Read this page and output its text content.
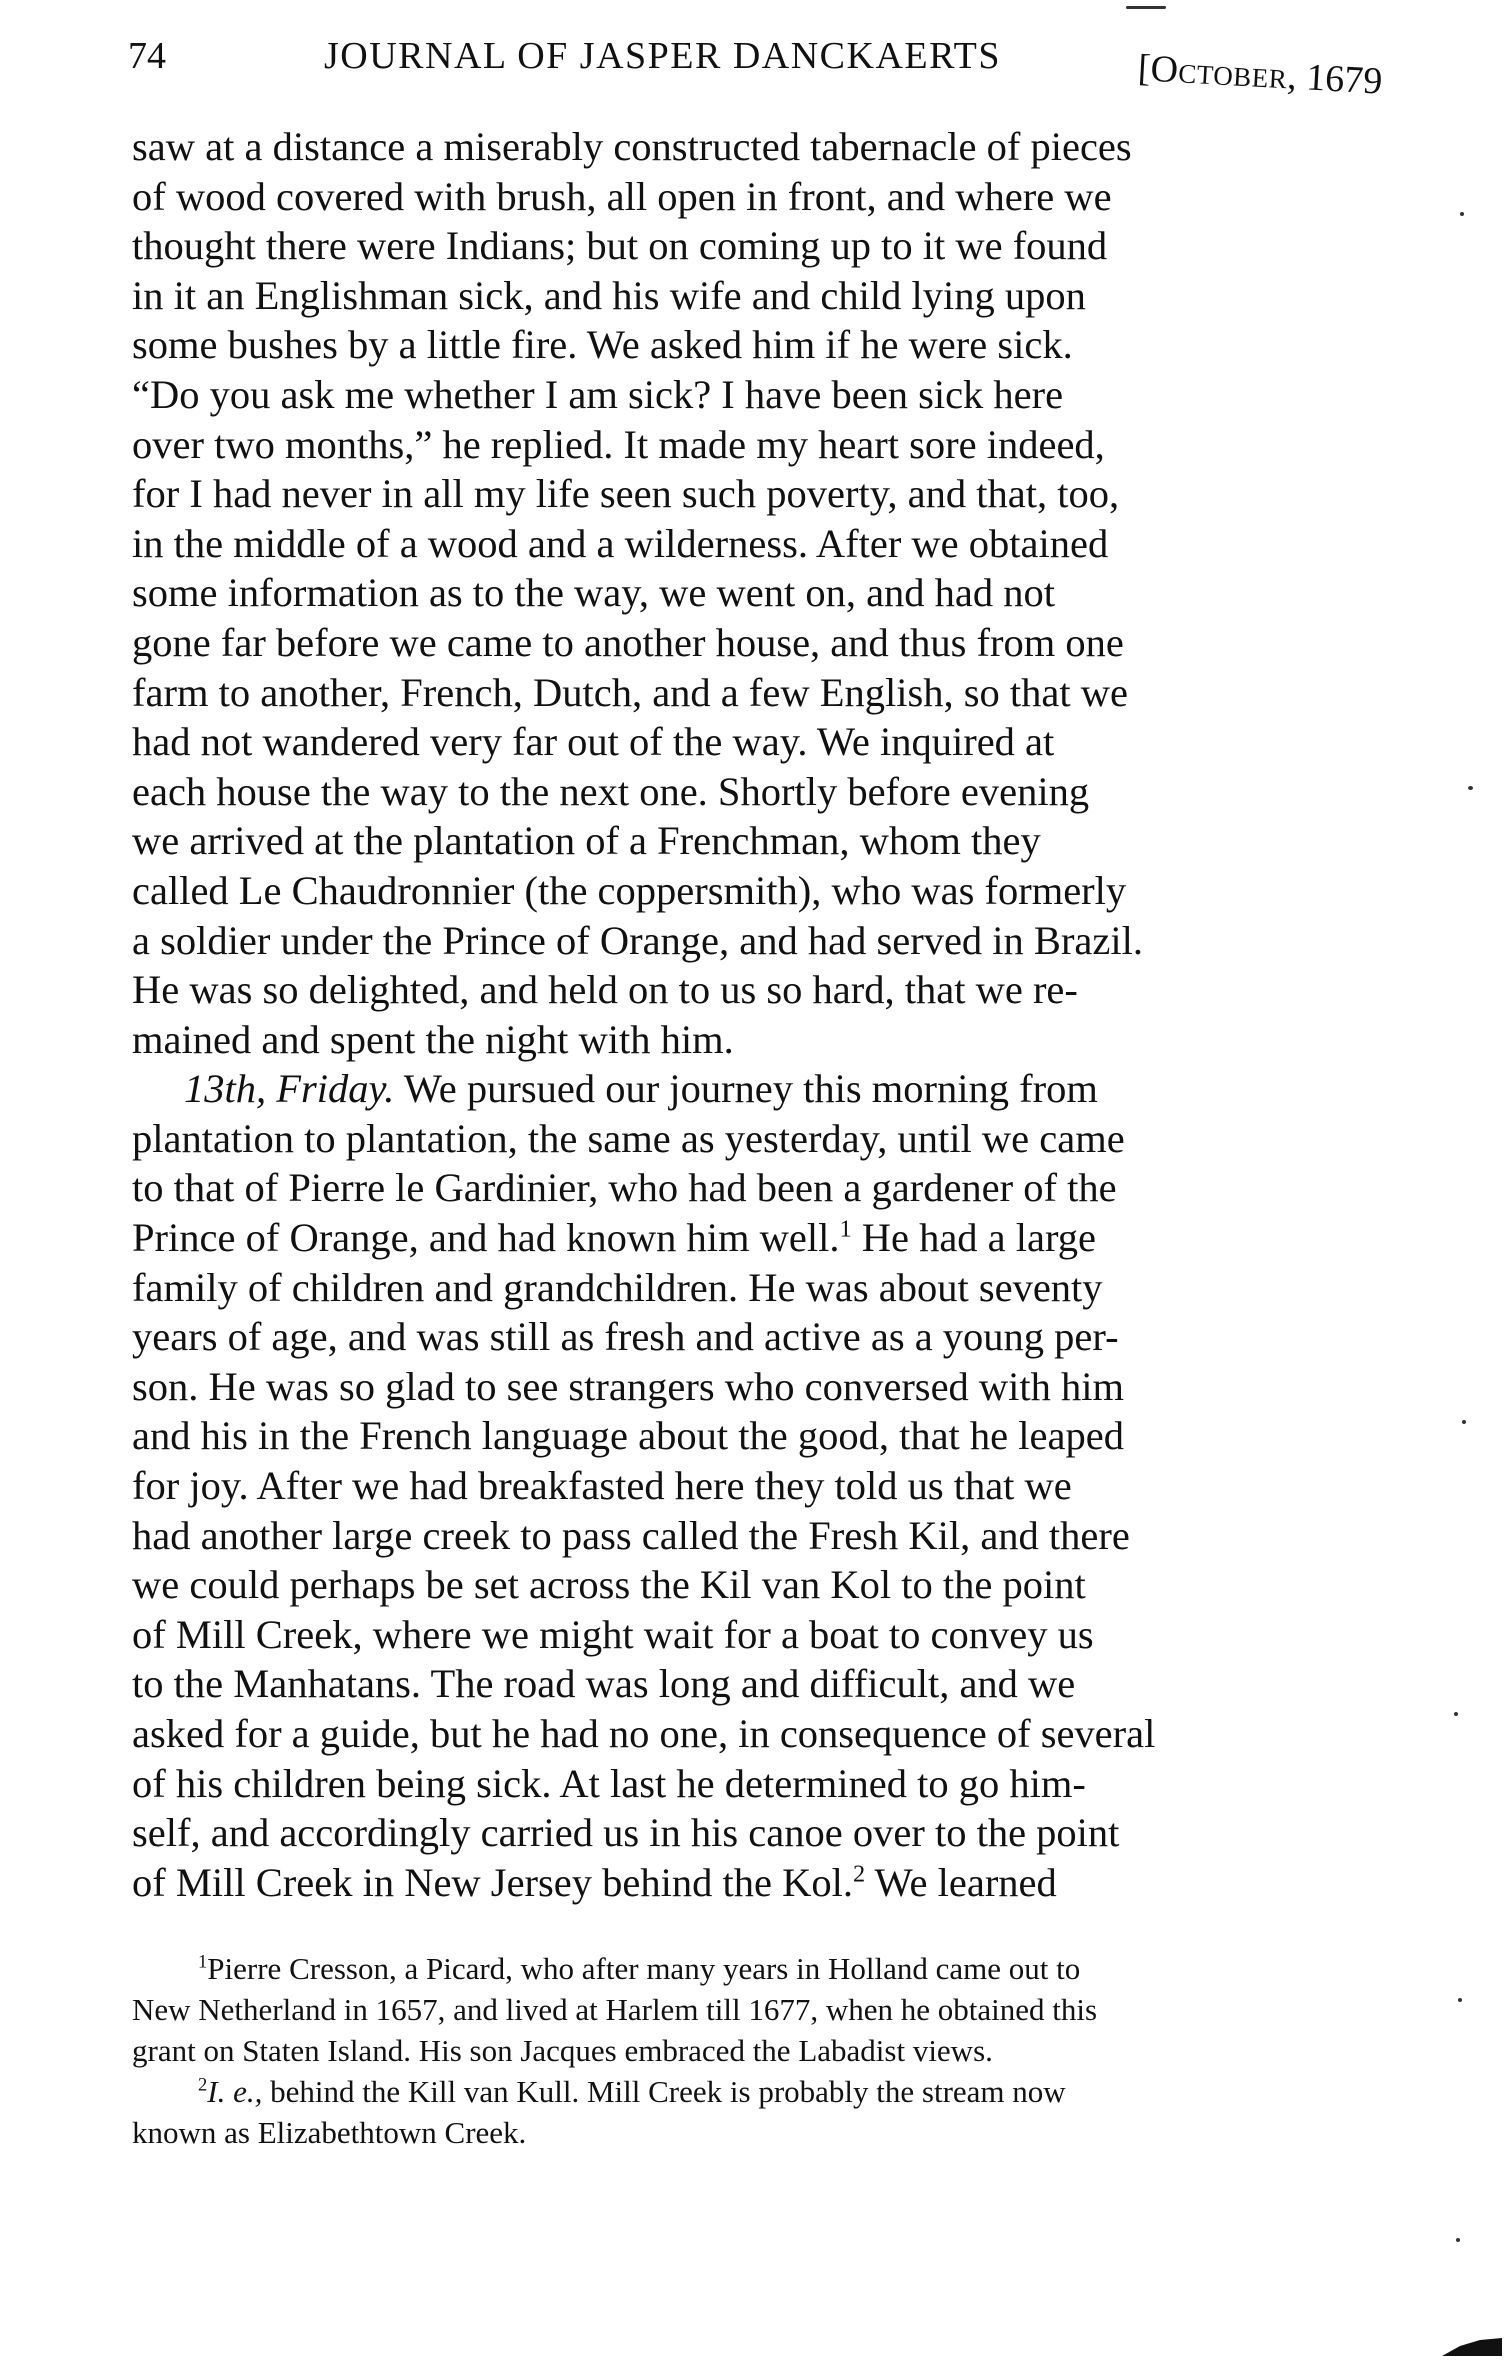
74	JOURNAL OF JASPER DANCKAERTS	[October, 1679

saw at a distance a miserably constructed tabernacle of pieces
of wood covered with brush, all open in front, and where we
thought there were Indians; but on coming up to it we found
in it an Englishman sick, and his wife and child lying upon
some bushes by a little fire. We asked him if he were sick.
“Do you ask me whether I am sick? I have been sick here
over two months,” he replied. It made my heart sore indeed,
for I had never in all my life seen such poverty, and that, too,
in the middle of a wood and a wilderness. After we obtained
some information as to the way, we went on, and had not
gone far before we came to another house, and thus from one
farm to another, French, Dutch, and a few English, so that we
had not wandered very far out of the way. We inquired at
each house the way to the next one. Shortly before evening
we arrived at the plantation of a Frenchman, whom they
called Le Chaudronnier (the coppersmith), who was formerly
a soldier under the Prince of Orange, and had served in Brazil.
He was so delighted, and held on to us so hard, that we re-
mained and spent the night with him.

13th, Friday. We pursued our journey this morning from
plantation to plantation, the same as yesterday, until we came
to that of Pierre le Gardinier, who had been a gardener of the
Prince of Orange, and had known him well.$^1$ He had a large
family of children and grandchildren. He was about seventy
years of age, and was still as fresh and active as a young per-
son. He was so glad to see strangers who conversed with him
and his in the French language about the good, that he leaped
for joy. After we had breakfasted here they told us that we
had another large creek to pass called the Fresh Kil, and there
we could perhaps be set across the Kil van Kol to the point
of Mill Creek, where we might wait for a boat to convey us
to the Manhatans. The road was long and difficult, and we
asked for a guide, but he had no one, in consequence of several
of his children being sick. At last he determined to go him-
self, and accordingly carried us in his canoe over to the point
of Mill Creek in New Jersey behind the Kol.$^2$ We learned

$^1$Pierre Cresson, a Picard, who after many years in Holland came out to
New Netherland in 1657, and lived at Harlem till 1677, when he obtained this
grant on Staten Island. His son Jacques embraced the Labadist views.

$^2$I. e., behind the Kill van Kull. Mill Creek is probably the stream now
known as Elizabethtown Creek.
